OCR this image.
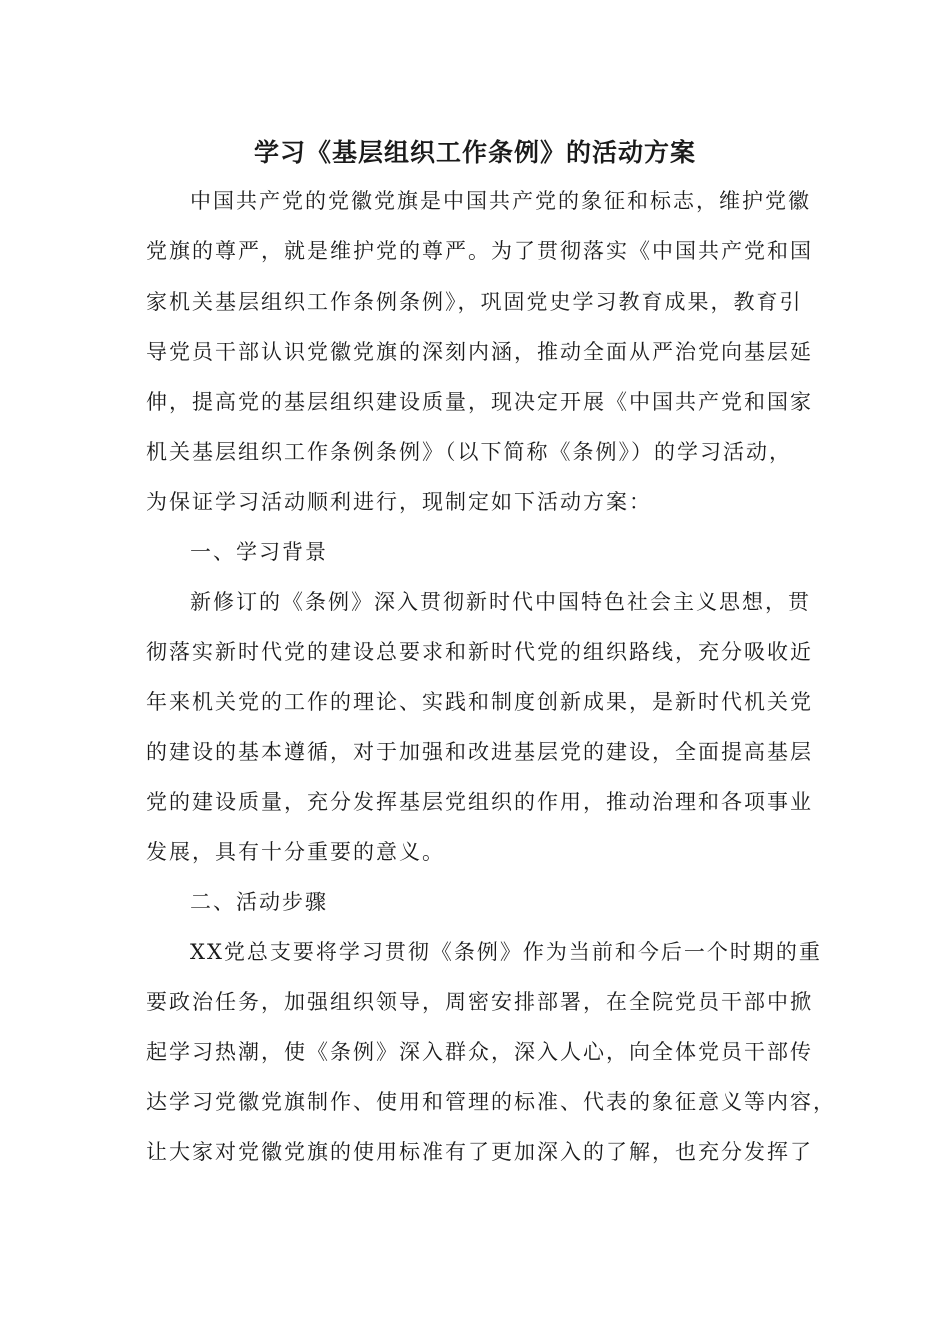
学习《基层组织工作条例》的活动方案
中国共产党的党徽党旗是中国共产党的象征和标志，维护党徽
党旗的尊严，就是维护党的尊严。为了贯彻落实《中国共产党和国
家机关基层组织工作条例条例》，巩固党史学习教育成果，教育引
导党员干部认识党徽党旗的深刻内涵，推动全面从严治党向基层延
伸，提高党的基层组织建设质量，现决定开展《中国共产党和国家
机关基层组织工作条例条例》（以下简称《条例》）的学习活动，
为保证学习活动顺利进行，现制定如下活动方案：
一、学习背景
新修订的《条例》深入贯彻新时代中国特色社会主义思想，贯
彻落实新时代党的建设总要求和新时代党的组织路线，充分吸收近
年来机关党的工作的理论、实践和制度创新成果，是新时代机关党
的建设的基本遵循，对于加强和改进基层党的建设，全面提高基层
党的建设质量，充分发挥基层党组织的作用，推动治理和各项事业
发展，具有十分重要的意义。
二、活动步骤
XX党总支要将学习贯彻《条例》作为当前和今后一个时期的重
要政治任务，加强组织领导，周密安排部署，在全院党员干部中掀
起学习热潮，使《条例》深入群众，深入人心，向全体党员干部传
达学习党徽党旗制作、使用和管理的标准、代表的象征意义等内容，
让大家对党徽党旗的使用标准有了更加深入的了解，也充分发挥了
